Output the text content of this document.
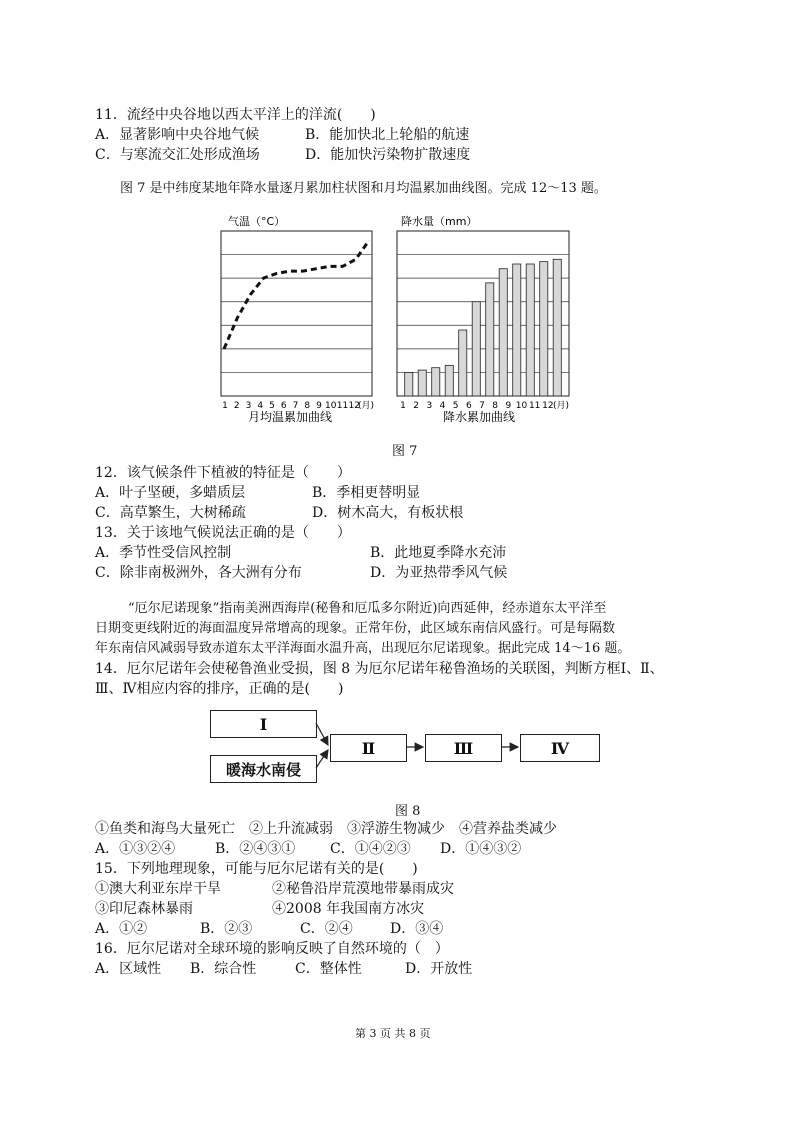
11．流经中央谷地以西太平洋上的洋流(　　)
A．显著影响中央谷地气候	B．能加快北上轮船的航速
C．与寒流交汇处形成渔场	D．能加快污染物扩散速度
图 7 是中纬度某地年降水量逐月累加柱状图和月均温累加曲线图。完成 12～13 题。
气温（°C）
1 2 3 4 5 6 7 8 9 10 11 12
(月)
月均温累加曲线
降水量（mm）
1 2 3 4 5 6 7 8 9 10 11 12 (月)
降水累加曲线
图 7
12．该气候条件下植被的特征是（　　）
A．叶子坚硬，多蜡质层	B．季相更替明显
C．高草繁生，大树稀疏	D．树木高大，有板状根
13．关于该地气候说法正确的是（　　）
A．季节性受信风控制	B．此地夏季降水充沛
C．除非南极洲外，各大洲有分布	D．为亚热带季风气候
“厄尔尼诺现象”指南美洲西海岸(秘鲁和厄瓜多尔附近)向西延伸，经赤道东太平洋至
日期变更线附近的海面温度异常增高的现象。正常年份，此区域东南信风盛行。可是每隔数
年东南信风减弱导致赤道东太平洋海面水温升高，出现厄尔尼诺现象。据此完成 14～16 题。
14．厄尔尼诺年会使秘鲁渔业受损，图 8 为厄尔尼诺年秘鲁渔场的关联图，判断方框Ⅰ、Ⅱ、
Ⅲ、Ⅳ相应内容的排序，正确的是(　　)
Ⅰ
暖海水南侵
Ⅱ	Ⅲ	Ⅳ
图 8
①鱼类和海鸟大量死亡　②上升流减弱　③浮游生物减少　④营养盐类减少
A．①③②④	B．②④③① C．①④②③ D．①④③②
15．下列地理现象，可能与厄尔尼诺有关的是(　　)
①澳大利亚东岸干旱	②秘鲁沿岸荒漠地带暴雨成灾
③印尼森林暴雨	④2008 年我国南方冰灾
A．①②	B．②③	C．②④	D．③④
16．厄尔尼诺对全球环境的影响反映了自然环境的（　）
A．区域性 B．综合性	C．整体性	D．开放性
第 3 页 共 8 页
